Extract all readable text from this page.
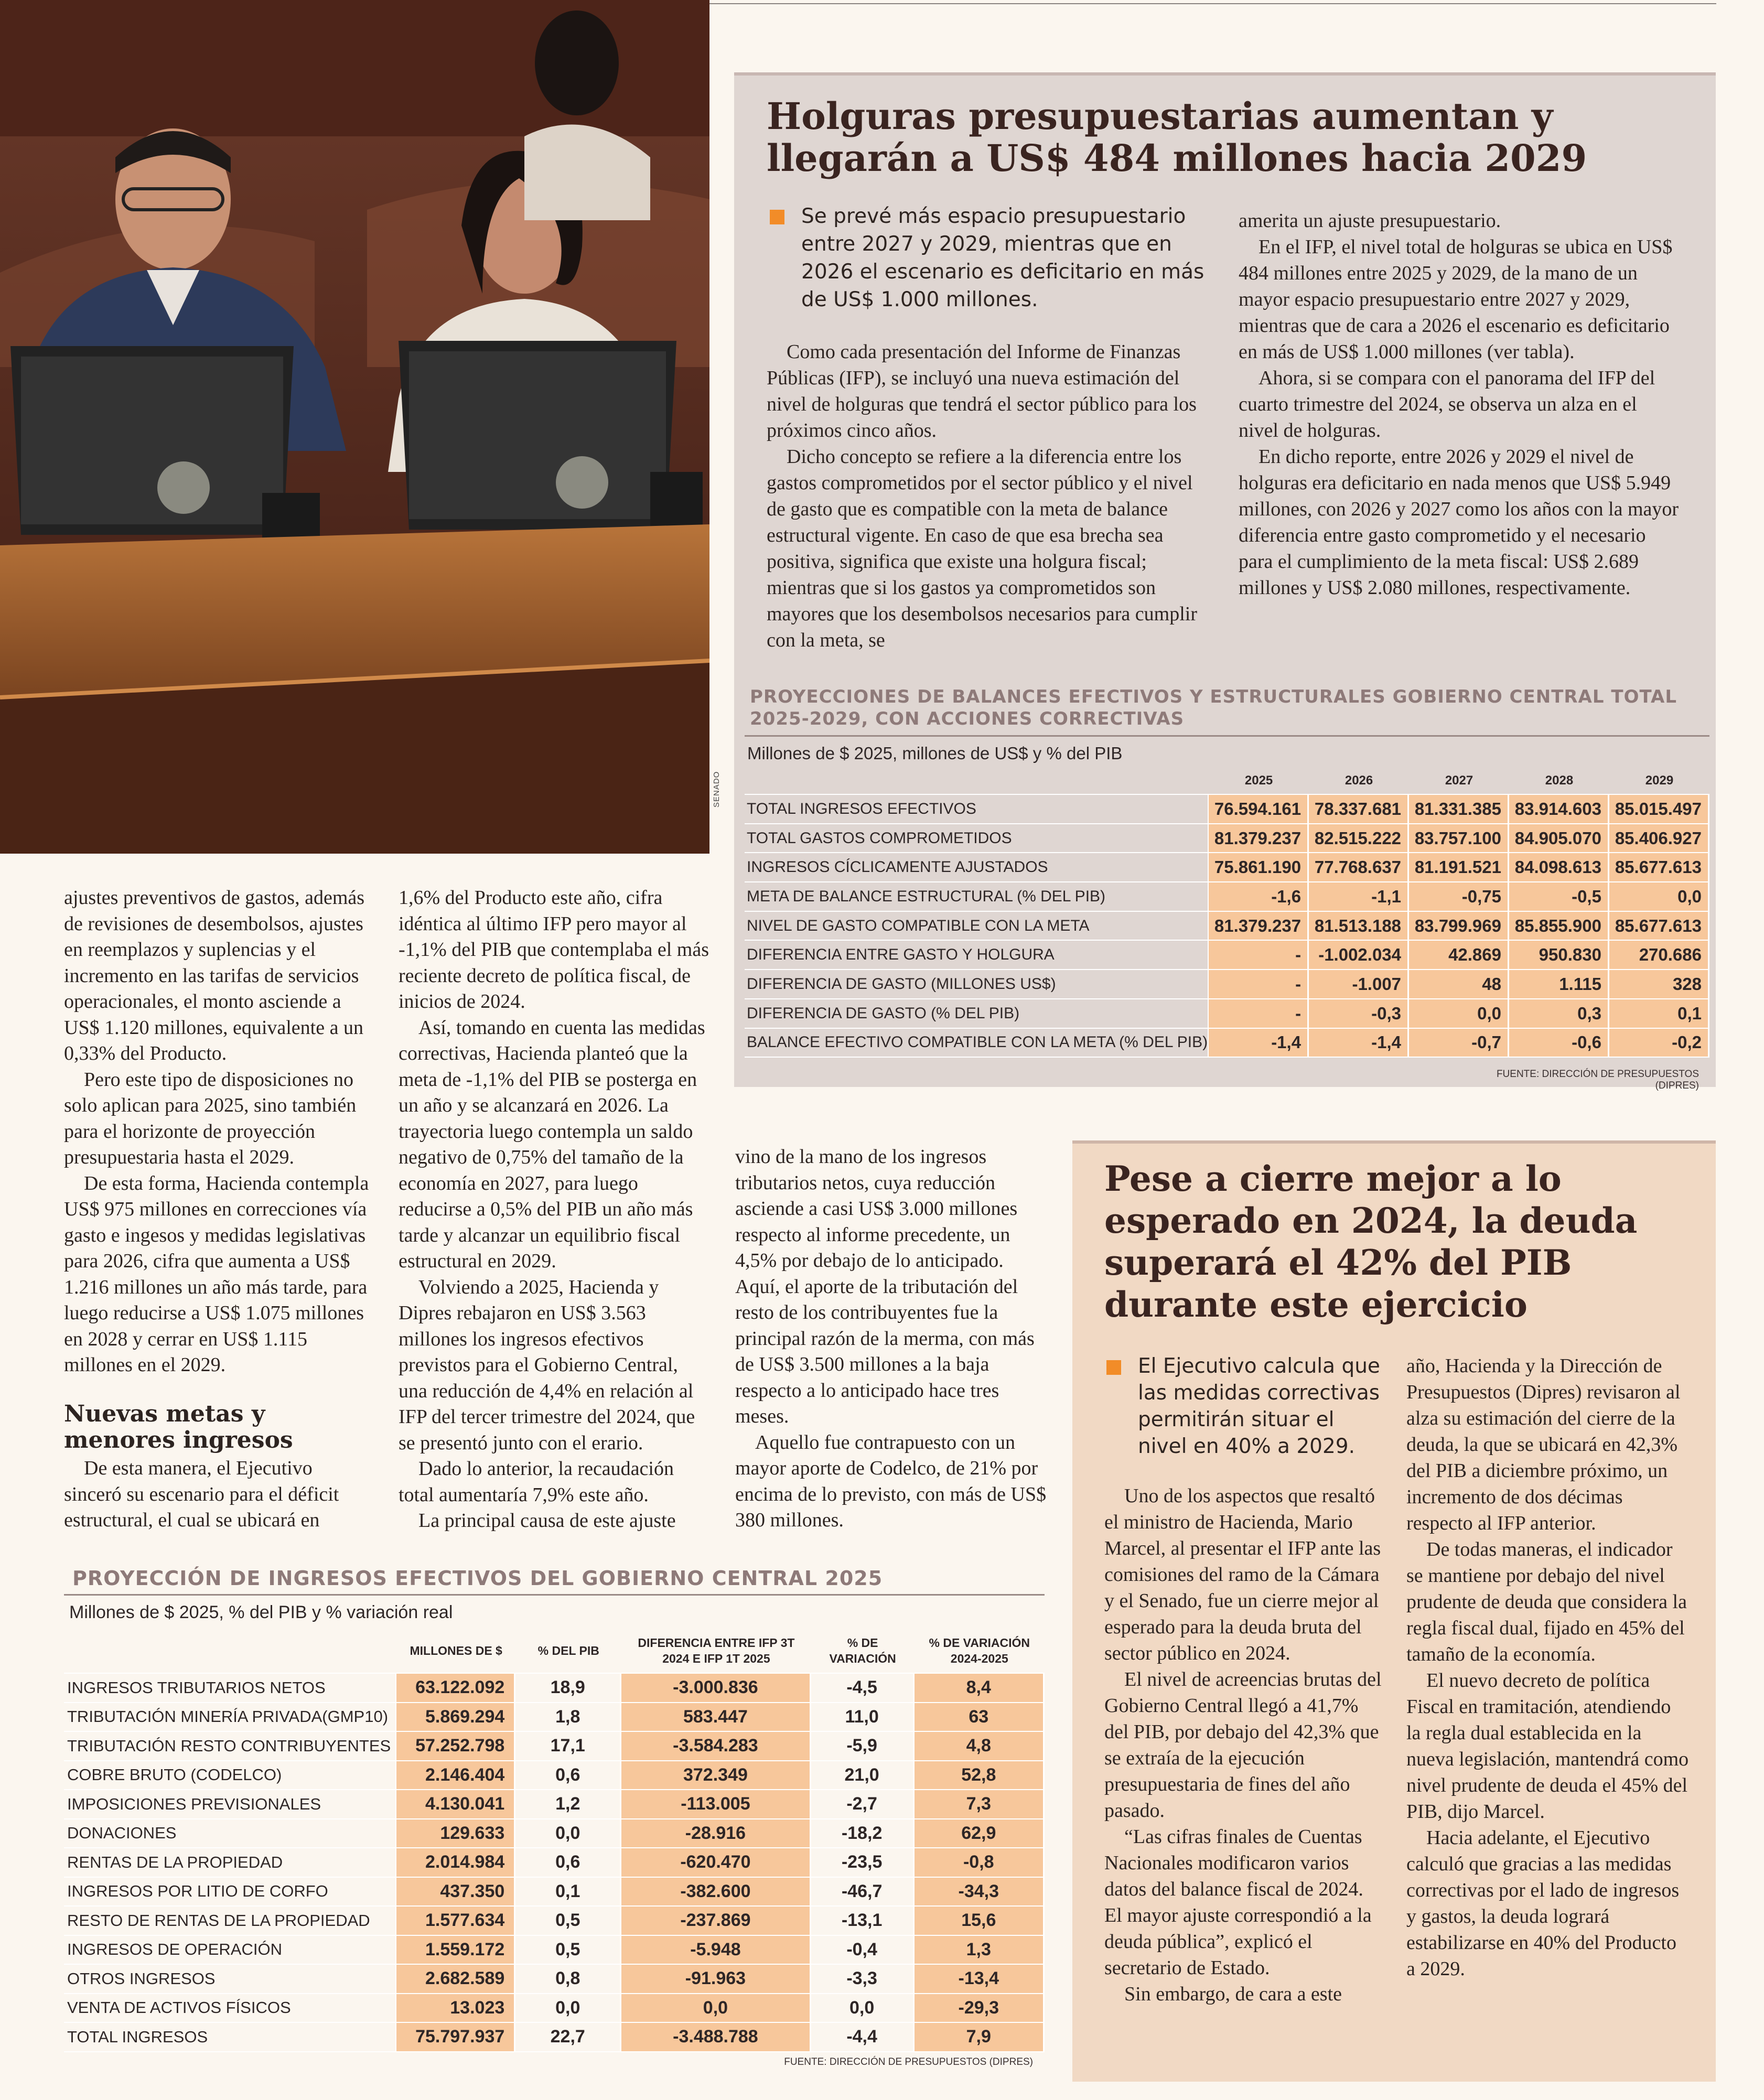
SENADO
Holguras presupuestarias aumentan y llegarán a US$ 484 millones hacia 2029
Se prevé más espacio presupuestario entre 2027 y 2029, mientras que en 2026 el escenario es deficitario en más de US$ 1.000 millones.

Como cada presentación del Informe de Finanzas Públicas (IFP), se incluyó una nueva estimación del nivel de holguras que tendrá el sector público para los próximos cinco años.

Dicho concepto se refiere a la diferencia entre los gastos comprometidos por el sector público y el nivel de gasto que es compatible con la meta de balance estructural vigente. En caso de que esa brecha sea positiva, significa que existe una holgura fiscal; mientras que si los gastos ya comprometidos son mayores que los desembolsos necesarios para cumplir con la meta, se

amerita un ajuste presupuestario.

En el IFP, el nivel total de holguras se ubica en US$ 484 millones entre 2025 y 2029, de la mano de un mayor espacio presupuestario entre 2027 y 2029, mientras que de cara a 2026 el escenario es deficitario en más de US$ 1.000 millones (ver tabla).

Ahora, si se compara con el panorama del IFP del cuarto trimestre del 2024, se observa un alza en el nivel de holguras.

En dicho reporte, entre 2026 y 2029 el nivel de holguras era deficitario en nada menos que US$ 5.949 millones, con 2026 y 2027 como los años con la mayor diferencia entre gasto comprometido y el necesario para el cumplimiento de la meta fiscal: US$ 2.689 millones y US$ 2.080 millones, respectivamente.

PROYECCIONES DE BALANCES EFECTIVOS Y ESTRUCTURALES GOBIERNO CENTRAL TOTAL 2025-2029, CON ACCIONES CORRECTIVAS
Millones de $ 2025, millones de US$ y % del PIB
	2025	2026	2027	2028	2029
TOTAL INGRESOS EFECTIVOS	76.594.161	78.337.681	81.331.385	83.914.603	85.015.497
TOTAL GASTOS COMPROMETIDOS	81.379.237	82.515.222	83.757.100	84.905.070	85.406.927
INGRESOS CÍCLICAMENTE AJUSTADOS	75.861.190	77.768.637	81.191.521	84.098.613	85.677.613
META DE BALANCE ESTRUCTURAL (% DEL PIB)	-1,6	-1,1	-0,75	-0,5	0,0
NIVEL DE GASTO COMPATIBLE CON LA META	81.379.237	81.513.188	83.799.969	85.855.900	85.677.613
DIFERENCIA ENTRE GASTO Y HOLGURA	-	-1.002.034	42.869	950.830	270.686
DIFERENCIA DE GASTO (MILLONES US$)	-	-1.007	48	1.115	328
DIFERENCIA DE GASTO (% DEL PIB)	-	-0,3	0,0	0,3	0,1
BALANCE EFECTIVO COMPATIBLE CON LA META (% DEL PIB)	-1,4	-1,4	-0,7	-0,6	-0,2
FUENTE: DIRECCIÓN DE PRESUPUESTOS (DIPRES)

ajustes preventivos de gastos, además de revisiones de desembolsos, ajustes en reemplazos y suplencias y el incremento en las tarifas de servicios operacionales, el monto asciende a US$ 1.120 millones, equivalente a un 0,33% del Producto.

Pero este tipo de disposiciones no solo aplican para 2025, sino también para el horizonte de proyección presupuestaria hasta el 2029.

De esta forma, Hacienda contempla US$ 975 millones en correcciones vía gasto e ingesos y medidas legislativas para 2026, cifra que aumenta a US$ 1.216 millones un año más tarde, para luego reducirse a US$ 1.075 millones en 2028 y cerrar en US$ 1.115 millones en el 2029.

Nuevas metas y menores ingresos

De esta manera, el Ejecutivo sinceró su escenario para el déficit estructural, el cual se ubicará en

1,6% del Producto este año, cifra idéntica al último IFP pero mayor al -1,1% del PIB que contemplaba el más reciente decreto de política fiscal, de inicios de 2024.

Así, tomando en cuenta las medidas correctivas, Hacienda planteó que la meta de -1,1% del PIB se posterga en un año y se alcanzará en 2026. La trayectoria luego contempla un saldo negativo de 0,75% del tamaño de la economía en 2027, para luego reducirse a 0,5% del PIB un año más tarde y alcanzar un equilibrio fiscal estructural en 2029.

Volviendo a 2025, Hacienda y Dipres rebajaron en US$ 3.563 millones los ingresos efectivos previstos para el Gobierno Central, una reducción de 4,4% en relación al IFP del tercer trimestre del 2024, que se presentó junto con el erario.

Dado lo anterior, la recaudación total aumentaría 7,9% este año.

La principal causa de este ajuste

vino de la mano de los ingresos tributarios netos, cuya reducción asciende a casi US$ 3.000 millones respecto al informe precedente, un 4,5% por debajo de lo anticipado. Aquí, el aporte de la tributación del resto de los contribuyentes fue la principal razón de la merma, con más de US$ 3.500 millones a la baja respecto a lo anticipado hace tres meses.

Aquello fue contrapuesto con un mayor aporte de Codelco, de 21% por encima de lo previsto, con más de US$ 380 millones.

PROYECCIÓN DE INGRESOS EFECTIVOS DEL GOBIERNO CENTRAL 2025
Millones de $ 2025, % del PIB y % variación real
	MILLONES DE $	% DEL PIB	DIFERENCIA ENTRE IFP 3T 2024 E IFP 1T 2025	% DE VARIACIÓN	% DE VARIACIÓN 2024-2025
INGRESOS TRIBUTARIOS NETOS	63.122.092	18,9	-3.000.836	-4,5	8,4
TRIBUTACIÓN MINERÍA PRIVADA(GMP10)	5.869.294	1,8	583.447	11,0	63
TRIBUTACIÓN RESTO CONTRIBUYENTES	57.252.798	17,1	-3.584.283	-5,9	4,8
COBRE BRUTO (CODELCO)	2.146.404	0,6	372.349	21,0	52,8
IMPOSICIONES PREVISIONALES	4.130.041	1,2	-113.005	-2,7	7,3
DONACIONES	129.633	0,0	-28.916	-18,2	62,9
RENTAS DE LA PROPIEDAD	2.014.984	0,6	-620.470	-23,5	-0,8
INGRESOS POR LITIO DE CORFO	437.350	0,1	-382.600	-46,7	-34,3
RESTO DE RENTAS DE LA PROPIEDAD	1.577.634	0,5	-237.869	-13,1	15,6
INGRESOS DE OPERACIÓN	1.559.172	0,5	-5.948	-0,4	1,3
OTROS INGRESOS	2.682.589	0,8	-91.963	-3,3	-13,4
VENTA DE ACTIVOS FÍSICOS	13.023	0,0	0,0	0,0	-29,3
TOTAL INGRESOS	75.797.937	22,7	-3.488.788	-4,4	7,9
FUENTE: DIRECCIÓN DE PRESUPUESTOS (DIPRES)
Pese a cierre mejor a lo esperado en 2024, la deuda superará el 42% del PIB durante este ejercicio
El Ejecutivo calcula que las medidas correctivas permitirán situar el nivel en 40% a 2029.

Uno de los aspectos que resaltó el ministro de Hacienda, Mario Marcel, al presentar el IFP ante las comisiones del ramo de la Cámara y el Senado, fue un cierre mejor al esperado para la deuda bruta del sector público en 2024.

El nivel de acreencias brutas del Gobierno Central llegó a 41,7% del PIB, por debajo del 42,3% que se extraía de la ejecución presupuestaria de fines del año pasado.

“Las cifras finales de Cuentas Nacionales modificaron varios datos del balance fiscal de 2024. El mayor ajuste correspondió a la deuda pública”, explicó el secretario de Estado.

Sin embargo, de cara a este

año, Hacienda y la Dirección de Presupuestos (Dipres) revisaron al alza su estimación del cierre de la deuda, la que se ubicará en 42,3% del PIB a diciembre próximo, un incremento de dos décimas respecto al IFP anterior.

De todas maneras, el indicador se mantiene por debajo del nivel prudente de deuda que considera la regla fiscal dual, fijado en 45% del tamaño de la economía.

El nuevo decreto de política Fiscal en tramitación, atendiendo la regla dual establecida en la nueva legislación, mantendrá como nivel prudente de deuda el 45% del PIB, dijo Marcel.

Hacia adelante, el Ejecutivo calculó que gracias a las medidas correctivas por el lado de ingresos y gastos, la deuda logrará estabilizarse en 40% del Producto a 2029.
